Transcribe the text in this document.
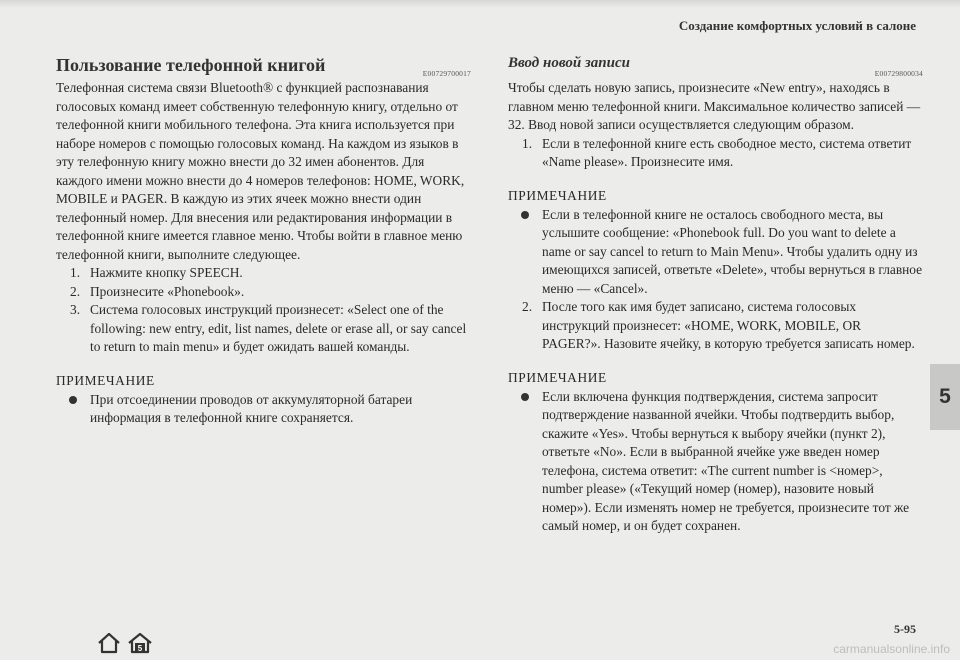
Создание комфортных условий в салоне
Пользование телефонной книгой	E00729700017

Телефонная система связи Bluetooth® с функцией распознавания голосовых команд имеет собственную телефонную книгу, отдельно от телефонной книги мобильного телефона. Эта книга используется при наборе номеров с помощью голосовых команд. На каждом из языков в эту телефонную книгу можно внести до 32 имен абонентов. Для каждого имени можно внести до 4 номеров телефонов: HOME, WORK, MOBILE и PAGER. В каждую из этих ячеек можно внести один телефонный номер. Для внесения или редактирования информации в телефонной книге имеется главное меню. Чтобы войти в главное меню телефонной книги, выполните следующее.

1. Нажмите кнопку SPEECH.
2. Произнесите «Phonebook».
3. Система голосовых инструкций произнесет: «Select one of the following: new entry, edit, list names, delete or erase all, or say cancel to return to main menu» и будет ожидать вашей команды.
ПРИМЕЧАНИЕ
При отсоединении проводов от аккумуляторной батареи информация в телефонной книге сохраняется.
Ввод новой записи
E00729800034

Чтобы сделать новую запись, произнесите «New entry», находясь в главном меню телефонной книги. Максимальное количество записей — 32. Ввод новой записи осуществляется следующим образом.

1. Если в телефонной книге есть свободное место, система ответит «Name please». Произнесите имя.
ПРИМЕЧАНИЕ
Если в телефонной книге не осталось свободного места, вы услышите сообщение: «Phonebook full. Do you want to delete a name or say cancel to return to Main Menu». Чтобы удалить одну из имеющихся записей, ответьте «Delete», чтобы вернуться в главное меню — «Cancel».
2. После того как имя будет записано, система голосовых инструкций произнесет: «HOME, WORK, MOBILE, OR PAGER?». Назовите ячейку, в которую требуется записать номер.
ПРИМЕЧАНИЕ
Если включена функция подтверждения, система запросит подтверждение названной ячейки. Чтобы подтвердить выбор, скажите «Yes». Чтобы вернуться к выбору ячейки (пункт 2), ответьте «No». Если в выбранной ячейке уже введен номер телефона, система ответит: «The current number is <номер>, number please» («Текущий номер (номер), назовите новый номер»). Если изменять номер не требуется, произнесите тот же самый номер, и он будет сохранен.
5
5
5-95
carmanualsonline.info
